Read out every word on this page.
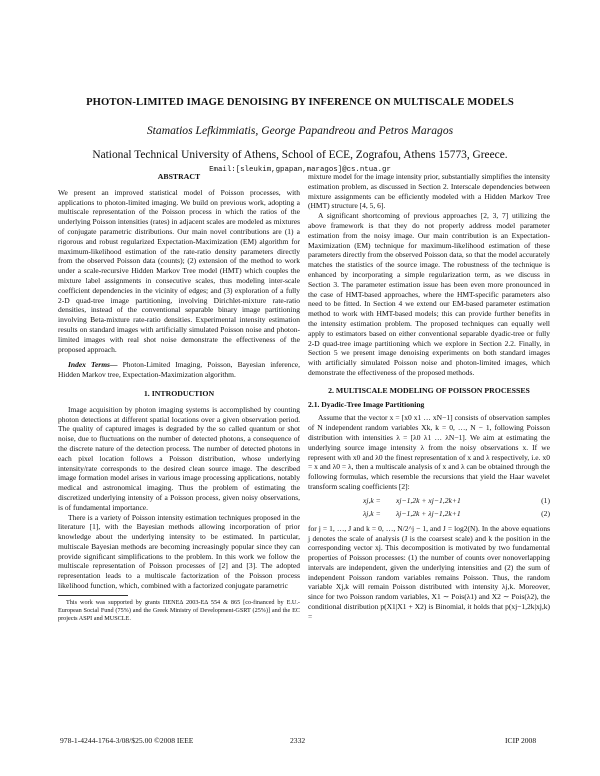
PHOTON-LIMITED IMAGE DENOISING BY INFERENCE ON MULTISCALE MODELS
Stamatios Lefkimmiatis, George Papandreou and Petros Maragos
National Technical University of Athens, School of ECE, Zografou, Athens 15773, Greece.
Email:[sleukim,gpapan,maragos]@cs.ntua.gr

ABSTRACT

We present an improved statistical model of Poisson processes, with applications to photon-limited imaging. We build on previous work, adopting a multiscale representation of the Poisson process in which the ratios of the underlying Poisson intensities (rates) in adjacent scales are modeled as mixtures of conjugate parametric distributions. Our main novel contributions are (1) a rigorous and robust regularized Expectation-Maximization (EM) algorithm for maximum-likelihood estimation of the rate-ratio density parameters directly from the observed Poisson data (counts); (2) extension of the method to work under a scale-recursive Hidden Markov Tree model (HMT) which couples the mixture label assignments in consecutive scales, thus modeling inter-scale coefficient dependencies in the vicinity of edges; and (3) exploration of a fully 2-D quad-tree image partitioning, involving Dirichlet-mixture rate-ratio densities, instead of the conventional separable binary image partitioning involving Beta-mixture rate-ratio densities. Experimental intensity estimation results on standard images with artificially simulated Poisson noise and photon-limited images with real shot noise demonstrate the effectiveness of the proposed approach.

Index Terms— Photon-Limited Imaging, Poisson, Bayesian inference, Hidden Markov tree, Expectation-Maximization algorithm.

1. INTRODUCTION

Image acquisition by photon imaging systems is accomplished by counting photon detections at different spatial locations over a given observation period. The quality of captured images is degraded by the so called quantum or shot noise, due to fluctuations on the number of detected photons, a consequence of the discrete nature of the detection process. The number of detected photons in each pixel location follows a Poisson distribution, whose underlying intensity/rate corresponds to the desired clean source image. The described image formation model arises in various image processing applications, notably medical and astronomical imaging. Thus the problem of estimating the discretized underlying intensity of a Poisson process, given noisy observations, is of fundamental importance.

There is a variety of Poisson intensity estimation techniques proposed in the literature [1], with the Bayesian methods allowing incorporation of prior knowledge about the underlying intensity to be estimated. In particular, multiscale Bayesian methods are becoming increasingly popular since they can provide significant simplifications to the problem. In this work we follow the multiscale representation of Poisson processes of [2] and [3]. The adopted representation leads to a multiscale factorization of the Poisson process likelihood function, which, combined with a factorized conjugate parametric

This work was supported by grants ΠΕΝΕΔ 2003-ΕΔ 554 & 865 [co-financed by E.U.-European Social Fund (75%) and the Greek Ministry of Development-GSRT (25%)] and the EC projects ASPI and MUSCLE.

mixture model for the image intensity prior, substantially simplifies the intensity estimation problem, as discussed in Section 2. Interscale dependencies between mixture assignments can be efficiently modeled with a Hidden Markov Tree (HMT) structure [4, 5, 6].

A significant shortcoming of previous approaches [2, 3, 7] utilizing the above framework is that they do not properly address model parameter estimation from the noisy image. Our main contribution is an Expectation-Maximization (EM) technique for maximum-likelihood estimation of these parameters directly from the observed Poisson data, so that the model accurately matches the statistics of the source image. The robustness of the technique is enhanced by incorporating a simple regularization term, as we discuss in Section 3. The parameter estimation issue has been even more pronounced in the case of HMT-based approaches, where the HMT-specific parameters also need to be fitted. In Section 4 we extend our EM-based parameter estimation method to work with HMT-based models; this can provide further benefits in the intensity estimation problem. The proposed techniques can equally well apply to estimators based on either conventional separable dyadic-tree or fully 2-D quad-tree image partitioning which we explore in Section 2.2. Finally, in Section 5 we present image denoising experiments on both standard images with artificially simulated Poisson noise and photon-limited images, which demonstrate the effectiveness of the proposed methods.

2. MULTISCALE MODELING OF POISSON PROCESSES

2.1. Dyadic-Tree Image Partitioning

Assume that the vector x = [x0 x1 … xN−1] consists of observation samples of N independent random variables Xk, k = 0, …, N − 1, following Poisson distribution with intensities λ = [λ0 λ1 … λN−1]. We aim at estimating the underlying source image intensity λ from the noisy observations x. If we represent with x0 and λ0 the finest representation of x and λ respectively, i.e. x0 = x and λ0 = λ, then a multiscale analysis of x and λ can be obtained through the following formulas, which resemble the recursions that yield the Haar wavelet transform scaling coefficients [2]:

xj,k = xj−1,2k + xj−1,2k+1	(1)
λj,k = λj−1,2k + λj−1,2k+1	(2)

for j = 1, …, J and k = 0, …, N/2^j − 1, and J = log2(N). In the above equations j denotes the scale of analysis (J is the coarsest scale) and k the position in the corresponding vector xj. This decomposition is motivated by two fundamental properties of Poisson processes: (1) the number of counts over nonoverlapping intervals are independent, given the underlying intensities and (2) the sum of independent Poisson random variables remains Poisson. Thus, the random variable Xj,k will remain Poisson distributed with intensity λj,k. Moreover, since for two Poisson random variables, X1 ∼ Pois(λ1) and X2 ∼ Pois(λ2), the conditional distribution p(X1|X1 + X2) is Binomial, it holds that p(xj−1,2k|xj,k) =

978-1-4244-1764-3/08/$25.00 ©2008 IEEE	2332	ICIP 2008
